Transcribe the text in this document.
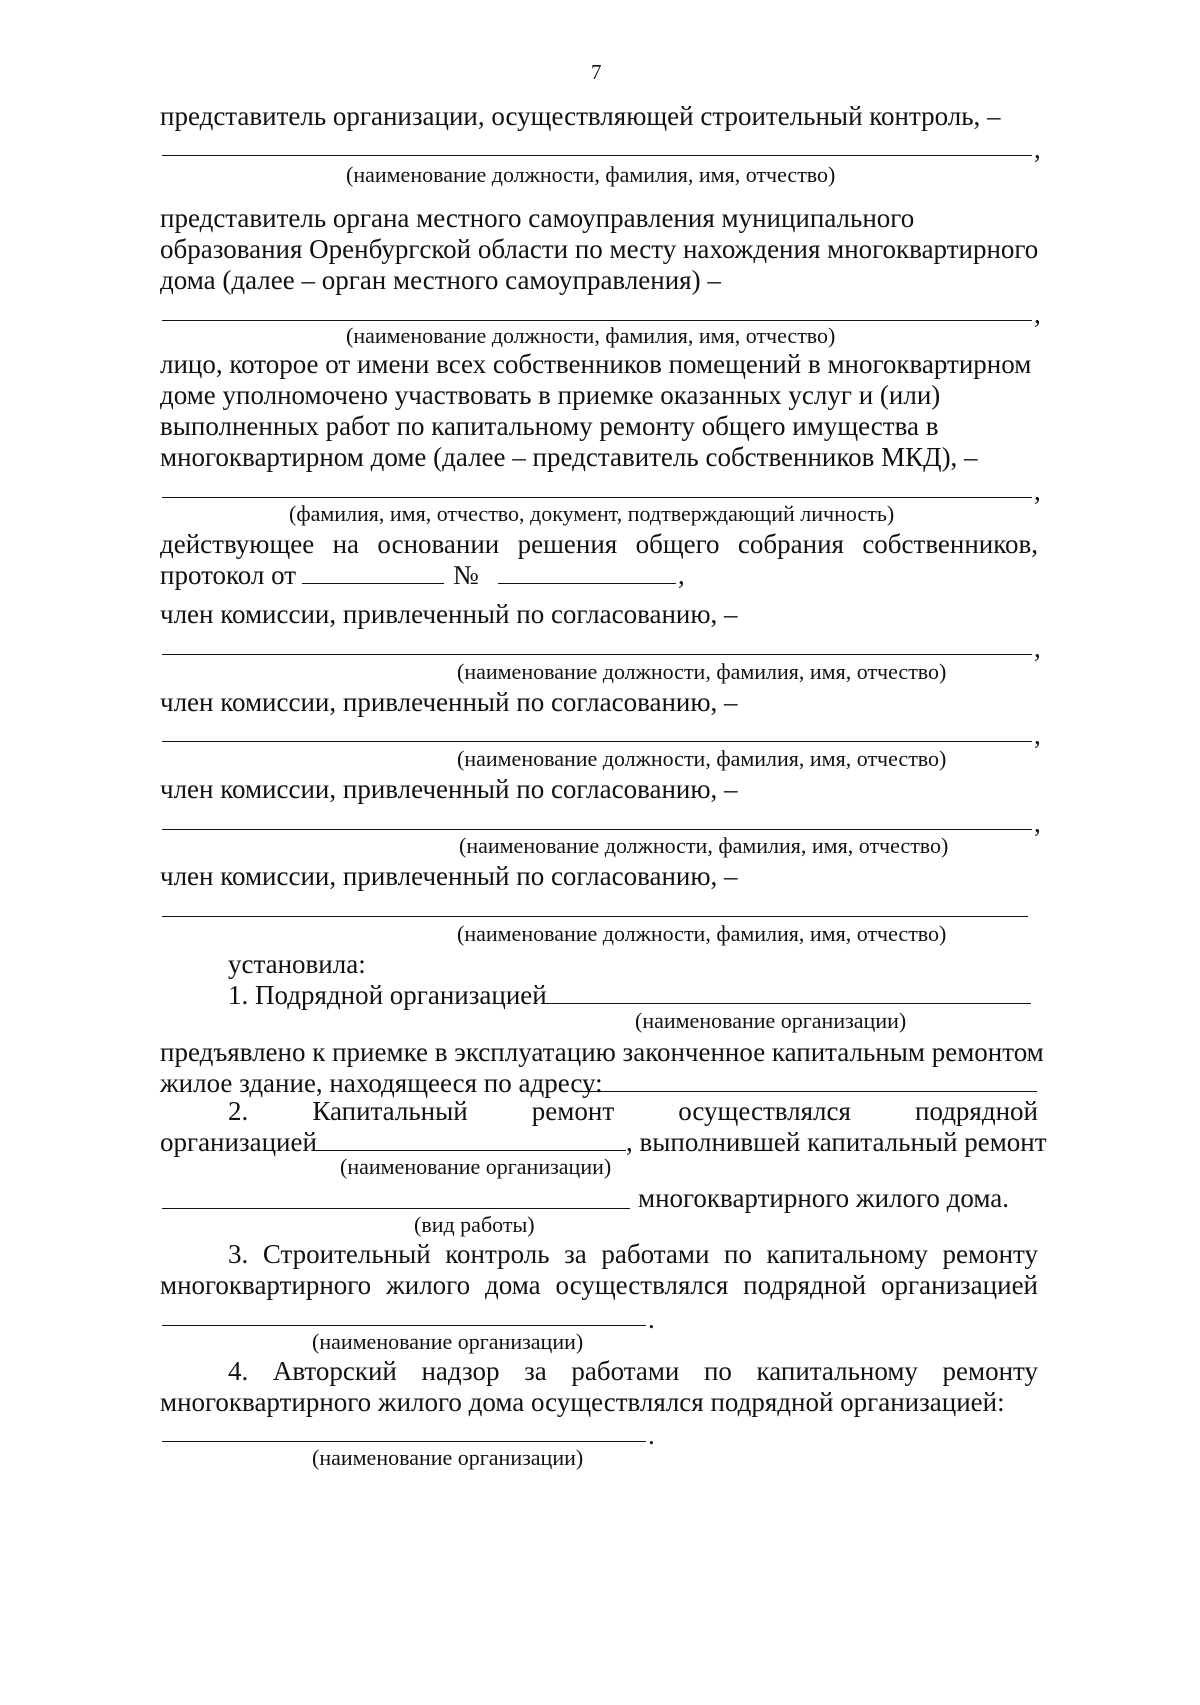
7
представитель организации, осуществляющей строительный контроль, –
,
(наименование должности, фамилия, имя, отчество)
представитель органа местного самоуправления муниципального
образования Оренбургской области по месту нахождения многоквартирного
дома (далее – орган местного самоуправления) –
,
(наименование должности, фамилия, имя, отчество)
лицо, которое от имени всех собственников помещений в многоквартирном
доме уполномочено участвовать в приемке оказанных услуг и (или)
выполненных работ по капитальному ремонту общего имущества в
многоквартирном доме (далее – представитель собственников МКД), –
,
(фамилия, имя, отчество, документ, подтверждающий личность)
действующее на основании решения общего собрания собственников,
протокол от	№	,
член комиссии, привлеченный по согласованию, –
,
(наименование должности, фамилия, имя, отчество)
член комиссии, привлеченный по согласованию, –
,
(наименование должности, фамилия, имя, отчество)
член комиссии, привлеченный по согласованию, –
,
(наименование должности, фамилия, имя, отчество)
член комиссии, привлеченный по согласованию, –
(наименование должности, фамилия, имя, отчество)
установила:
1. Подрядной организацией
(наименование организации)
предъявлено к приемке в эксплуатацию законченное капитальным ремонтом
жилое здание, находящееся по адресу:
2. Капитальный ремонт осуществлялся подрядной
организацией	, выполнившей капитальный ремонт
(наименование организации)
многоквартирного жилого дома.
(вид работы)
3. Строительный контроль за работами по капитальному ремонту
многоквартирного жилого дома осуществлялся подрядной организацией
.
(наименование организации)
4. Авторский надзор за работами по капитальному ремонту
многоквартирного жилого дома осуществлялся подрядной организацией:
.
(наименование организации)
